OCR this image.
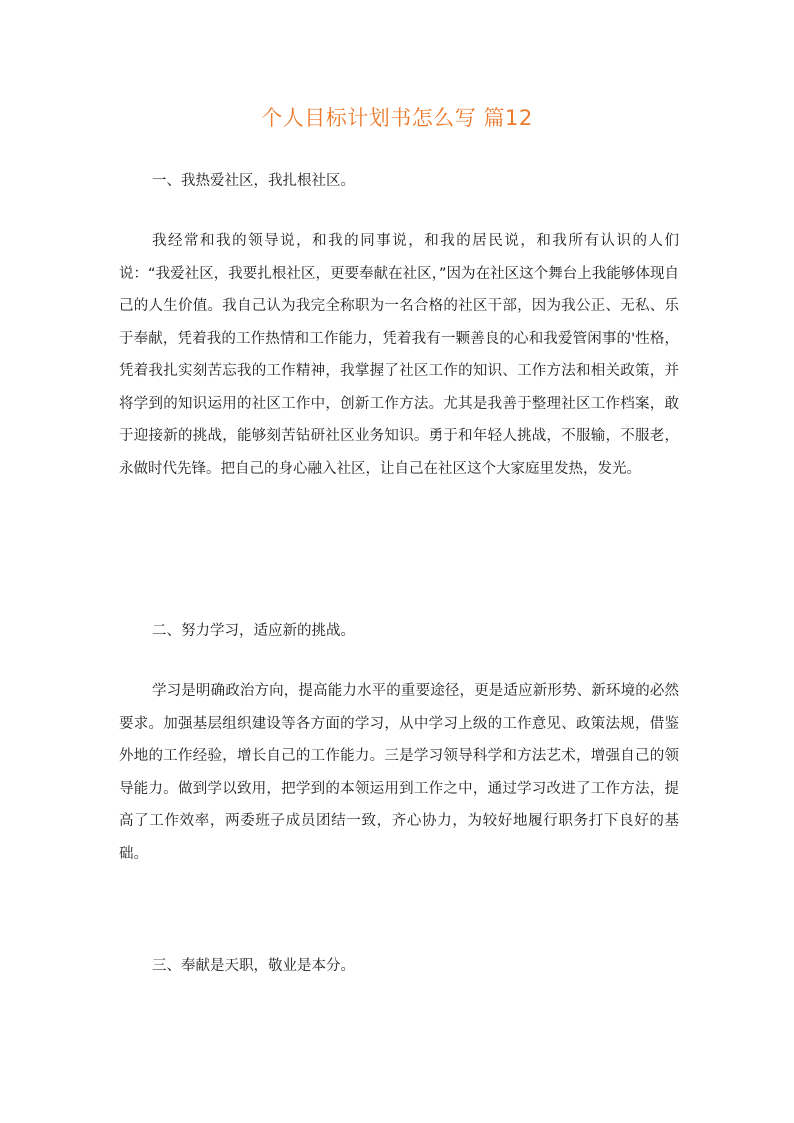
个人目标计划书怎么写 篇12

一、我热爱社区，我扎根社区。

我经常和我的领导说，和我的同事说，和我的居民说，和我所有认识的人们说：“我爱社区，我要扎根社区，更要奉献在社区，”因为在社区这个舞台上我能够体现自己的人生价值。我自己认为我完全称职为一名合格的社区干部，因为我公正、无私、乐于奉献，凭着我的工作热情和工作能力，凭着我有一颗善良的心和我爱管闲事的'性格，凭着我扎实刻苦忘我的工作精神，我掌握了社区工作的知识、工作方法和相关政策，并将学到的知识运用的社区工作中，创新工作方法。尤其是我善于整理社区工作档案，敢于迎接新的挑战，能够刻苦钻研社区业务知识。勇于和年轻人挑战，不服输，不服老，永做时代先锋。把自己的身心融入社区，让自己在社区这个大家庭里发热，发光。

二、努力学习，适应新的挑战。

学习是明确政治方向，提高能力水平的重要途径，更是适应新形势、新环境的必然要求。加强基层组织建设等各方面的学习，从中学习上级的工作意见、政策法规，借鉴外地的工作经验，增长自己的工作能力。三是学习领导科学和方法艺术，增强自己的领导能力。做到学以致用，把学到的本领运用到工作之中，通过学习改进了工作方法，提高了工作效率，两委班子成员团结一致，齐心协力，为较好地履行职务打下良好的基础。

三、奉献是天职，敬业是本分。
